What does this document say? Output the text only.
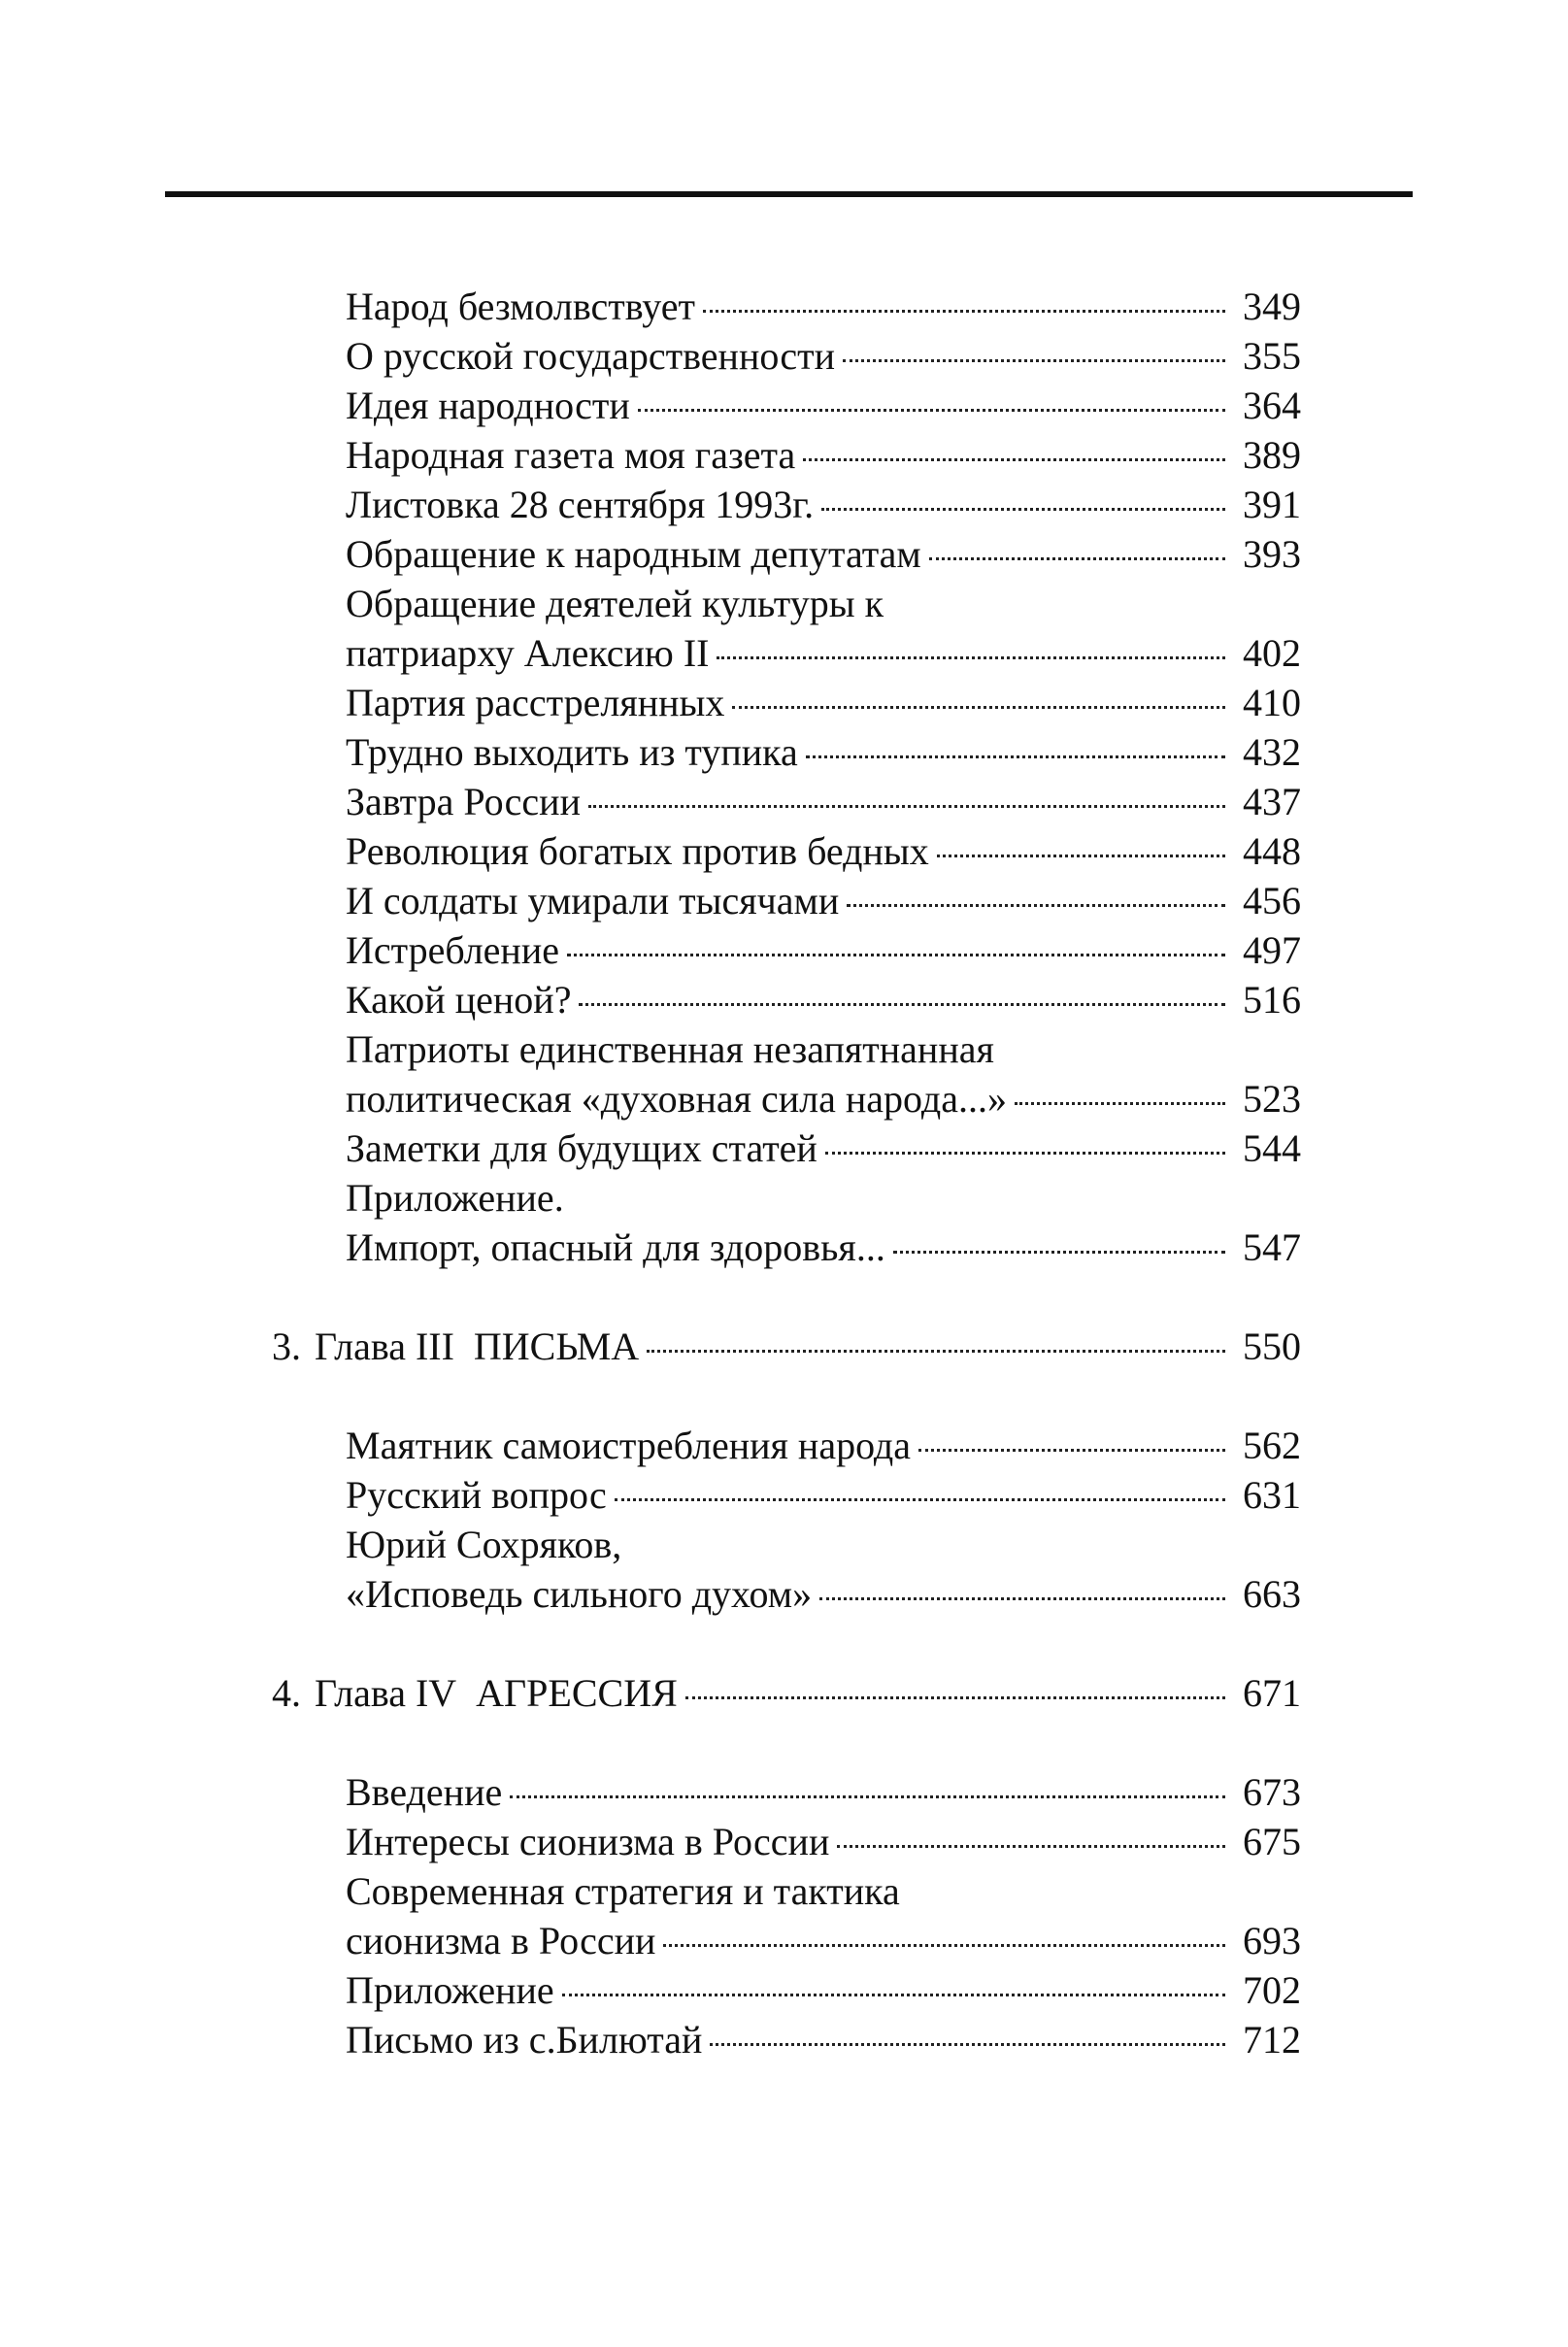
Народ безмолвствует	349
О русской государственности	355
Идея народности	364
Народная газета моя газета	389
Листовка 28 сентября 1993г.	391
Обращение к народным депутатам	393
Обращение деятелей культуры к
патриарху Алексию II	402
Партия расстрелянных	410
Трудно выходить из тупика	432
Завтра России	437
Революция богатых против бедных	448
И солдаты умирали тысячами	456
Истребление	497
Какой ценой?	516
Патриоты единственная незапятнанная
политическая «духовная сила народа...»	523
Заметки для будущих статей	544
Приложение.
Импорт, опасный для здоровья...	547
3. Глава III ПИСЬМА	550
Маятник самоистребления народа	562
Русский вопрос	631
Юрий Сохряков,
«Исповедь сильного духом»	663
4. Глава IV АГРЕССИЯ	671
Введение	673
Интересы сионизма в России	675
Современная стратегия и тактика
сионизма в России	693
Приложение	702
Письмо из с.Билютай	712
